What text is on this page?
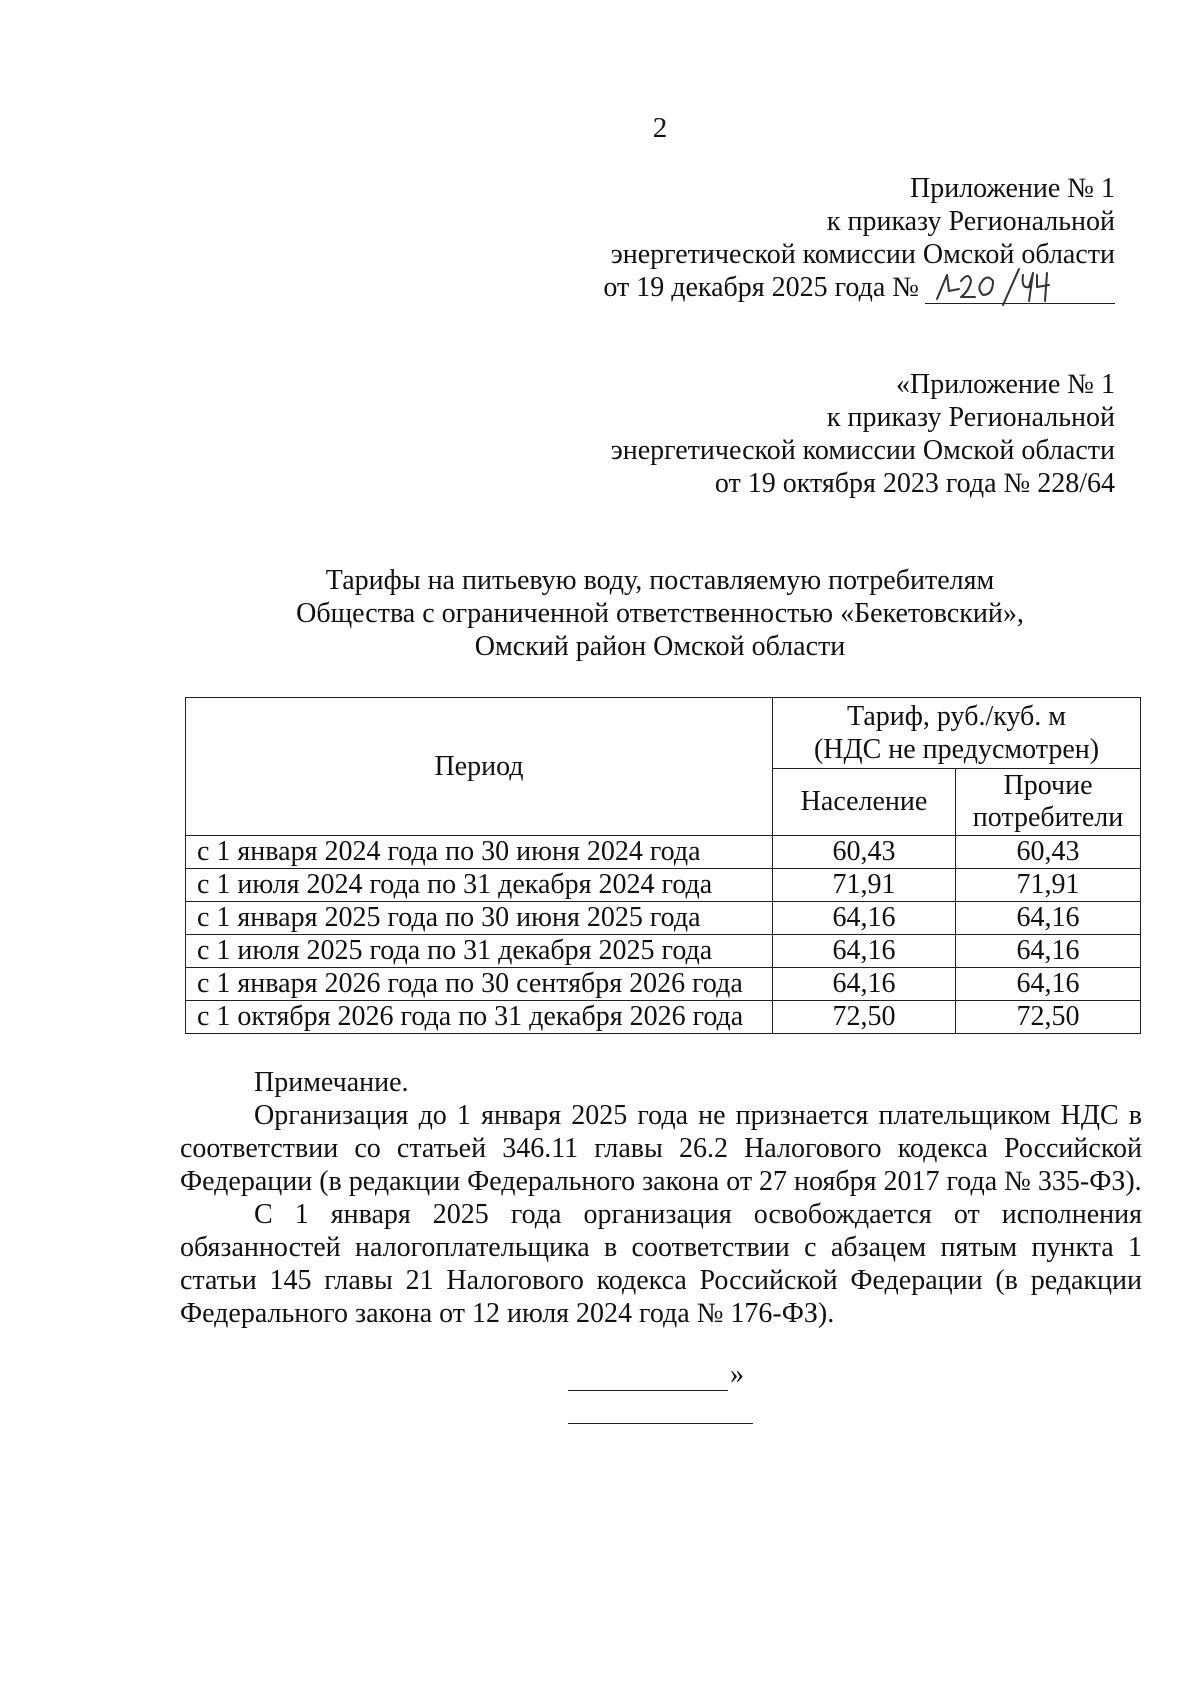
2
Приложение № 1
к приказу Региональной
энергетической комиссии Омской области
от 19 декабря 2025 года №
«Приложение № 1
к приказу Региональной
энергетической комиссии Омской области
от 19 октября 2023 года № 228/64
Тарифы на питьевую воду, поставляемую потребителям
Общества с ограниченной ответственностью «Бекетовский»,
Омский район Омской области
Период	Тариф, руб./куб. м
(НДС не предусмотрен)	

	Население	Прочие
потребители

с 1 января 2024 года по 30 июня 2024 года	60,43	60,43
с 1 июля 2024 года по 31 декабря 2024 года	71,91	71,91
с 1 января 2025 года по 30 июня 2025 года	64,16	64,16
с 1 июля 2025 года по 31 декабря 2025 года	64,16	64,16
с 1 января 2026 года по 30 сентября 2026 года	64,16	64,16
с 1 октября 2026 года по 31 декабря 2026 года	72,50	72,50

Примечание.

Организация до 1 января 2025 года не признается плательщиком НДС в соответствии со статьей 346.11 главы 26.2 Налогового кодекса Российской Федерации (в редакции Федерального закона от 27 ноября 2017 года № 335-ФЗ).

С 1 января 2025 года организация освобождается от исполнения обязанностей налогоплательщика в соответствии с абзацем пятым пункта 1 статьи 145 главы 21 Налогового кодекса Российской Федерации (в редакции Федерального закона от 12 июля 2024 года № 176-ФЗ).

»
